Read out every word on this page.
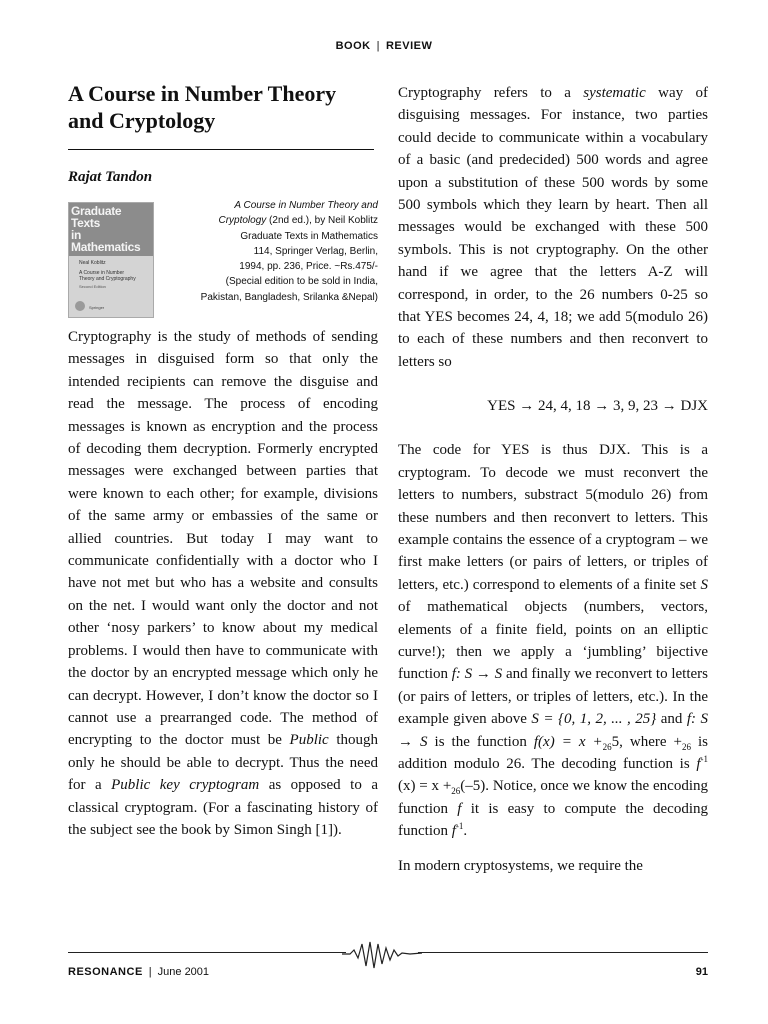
BOOK | REVIEW
A Course in Number Theory
and Cryptology
Rajat Tandon
Graduate Texts
in Mathematics
Neal Koblitz
A Course in Number Theory and Cryptography
Second Edition
Springer
A Course in Number Theory and
Cryptology (2nd ed.), by Neil Koblitz
Graduate Texts in Mathematics
114, Springer Verlag, Berlin,
1994, pp. 236, Price. ~Rs.475/-
(Special edition to be sold in India,
Pakistan, Bangladesh, Srilanka &Nepal)

Cryptography is the study of methods of sending messages in disguised form so that only the intended recipients can remove the disguise and read the message. The process of encoding messages is known as encryption and the process of decoding them decryption. Formerly encrypted messages were exchanged between parties that were known to each other; for example, divisions of the same army or embassies of the same or allied countries. But today I may want to communicate confidentially with a doctor who I have not met but who has a website and consults on the net. I would want only the doctor and not other ‘nosy parkers’ to know about my medical problems. I would then have to communicate with the doctor by an encrypted message which only he can decrypt. However, I don’t know the doctor so I cannot use a prearranged code. The method of encrypting to the doctor must be Public though only he should be able to decrypt. Thus the need for a Public key cryptogram as opposed to a classical cryptogram. (For a fascinating history of the subject see the book by Simon Singh [1]).

Cryptography refers to a systematic way of disguising messages. For instance, two parties could decide to communicate within a vocabulary of a basic (and predecided) 500 words and agree upon a substitution of these 500 words by some 500 symbols which they learn by heart. Then all messages would be exchanged with these 500 symbols. This is not cryptography. On the other hand if we agree that the letters A-Z will correspond, in order, to the 26 numbers 0-25 so that YES becomes 24, 4, 18; we add 5(modulo 26) to each of these numbers and then reconvert to letters so

YES → 24, 4, 18 → 3, 9, 23 → DJX

The code for YES is thus DJX. This is a cryptogram. To decode we must reconvert the letters to numbers, substract 5(modulo 26) from these numbers and then reconvert to letters. This example contains the essence of a cryptogram – we first make letters (or pairs of letters, or triples of letters, etc.) correspond to elements of a finite set S of mathematical objects (numbers, vectors, elements of a finite field, points on an elliptic curve!); then we apply a ‘jumbling’ bijective function f: S → S and finally we reconvert to letters (or pairs of letters, or triples of letters, etc.). In the example given above S = {0, 1, 2, ... , 25} and f: S → S is the function $f(x) = x +_{26}5$, where $+_{26}$ is addition modulo 26. The decoding function is $f^{-1}$ $(x) = x +_{26}(-5)$. Notice, once we know the encoding function f it is easy to compute the decoding function $f^{-1}$.

In modern cryptosystems, we require the

RESONANCE | June 2001	91
